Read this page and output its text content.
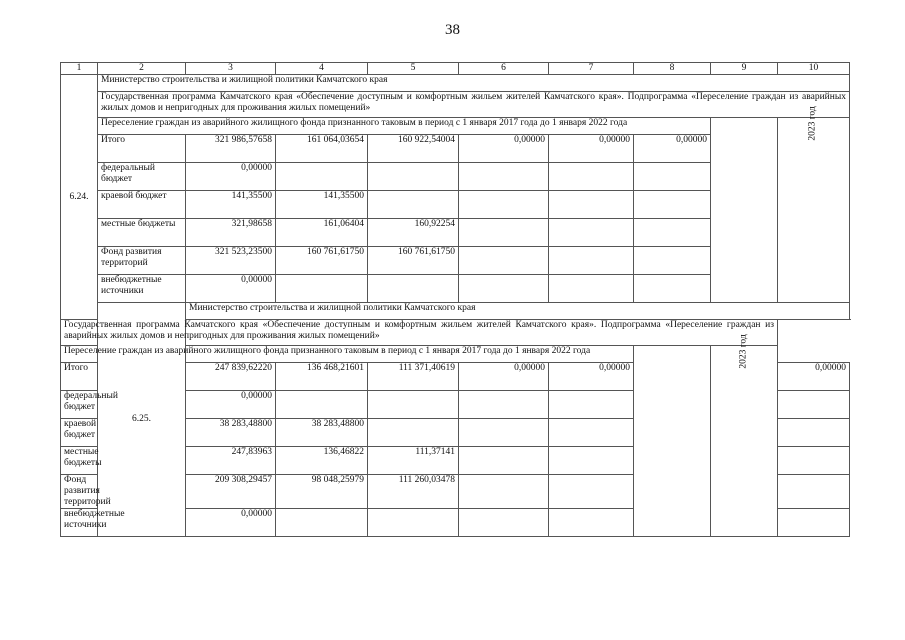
38
1	2	3	4	5	6	7	8	9	10
6.24.	Министерство строительства и жилищной политики Камчатского края								
	Государственная программа Камчатского края «Обеспечение доступным и комфортным жильем жителей Камчатского края». Подпрограмма «Переселение граждан из аварийных жилых домов и непригодных для проживания жилых помещений»								
	Переселение граждан из аварийного жилищного фонда признанного таковым в период с 1 января 2017 года до 1 января 2022 года								2023 год
	Итого	321 986,57658	161 064,03654	160 922,54004	0,00000	0,00000	0,00000		
	федеральный бюджет	0,00000							
	краевой бюджет	141,35500	141,35500						
	местные бюджеты	321,98658	161,06404	160,92254					
	Фонд развития территорий	321 523,23500	160 761,61750	160 761,61750					
	внебюджетные источники	0,00000							
	6.25.	Министерство строительства и жилищной политики Камчатского края							
Государственная программа Камчатского края «Обеспечение доступным и комфортным жильем жителей Камчатского края». Подпрограмма «Переселение граждан из аварийных жилых домов и непригодных для проживания жилых помещений»									
Переселение граждан из аварийного жилищного фонда признанного таковым в период с 1 января 2017 года до 1 января 2022 года								2023 год	
Итого		247 839,62220	136 468,21601	111 371,40619	0,00000	0,00000			0,00000
федеральный бюджет		0,00000							
краевой бюджет		38 283,48800	38 283,48800						
местные бюджеты		247,83963	136,46822	111,37141					
Фонд развития территорий		209 308,29457	98 048,25979	111 260,03478					
внебюджетные источники		0,00000							
